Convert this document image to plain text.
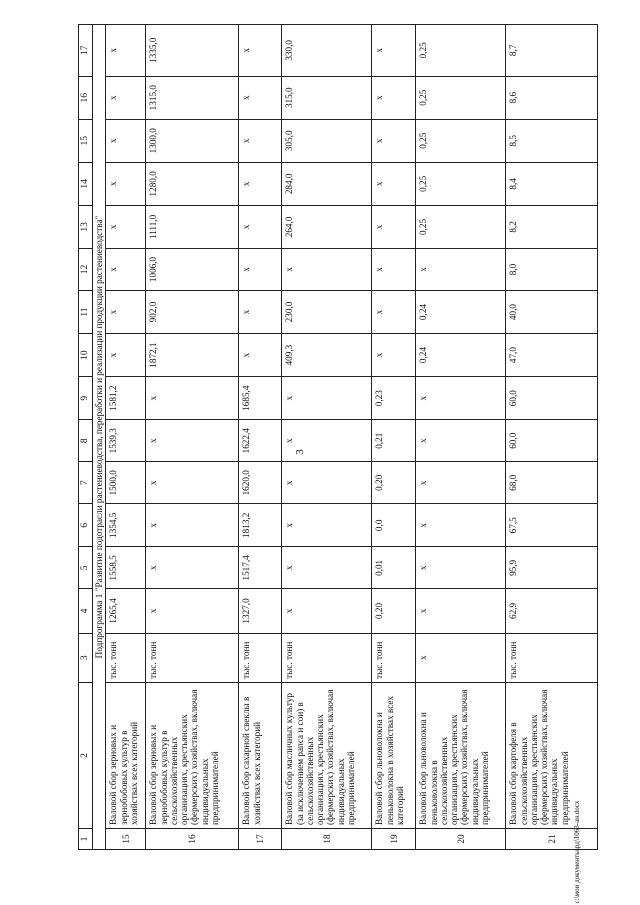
3
1	2	3	4	5	6	7	8	9	10	11	12	13	14	15	16	17
Подпрограмма 1 "Развитие подотрасли растениеводства, переработки и реализации продукции растениеводства"																
15	Валовой сбор зерновых и зернобобовых культур в хозяйствах всех категорий	тыс. тонн	1265,4	1558,5	1354,5	1500,0	1539,3	1581,2	х	х	х	х	х	х	х	х
16	Валовой сбор зерновых и зернобобовых культур в сельскохозяйственных организациях, крестьянских (фермерских) хозяйствах, включая индивидуальных предпринимателей	тыс. тонн	х	х	х	х	х	х	1872,1	902,0	1006,0	1111,0	1280,0	1300,0	1315,0	1335,0
17	Валовой сбор сахарной свеклы в хозяйствах всех категорий	тыс. тонн	1327,0	1517,4	1813,2	1620,0	1622,4	1685,4	х	х	х	х	х	х	х	х
18	Валовой сбор масличных культур (за исключением рапса и сои) в сельскохозяйственных организациях, крестьянских (фермерских) хозяйствах, включая индивидуальных предпринимателей	тыс. тонн	х	х	х	х	х	х	409,3	230,0	х	264,0	284,0	305,0	315,0	330,0
19	Валовой сбор льноволокна и пеньковолокна в хозяйствах всех категорий	тыс. тонн	0,20	0,01	0,0	0,20	0,21	0,23	х	х	х	х	х	х	х	х
20	Валовой сбор льноволокна и пеньковолокна в сельскохозяйственных организациях, крестьянских (фермерских) хозяйствах, включая индивидуальных предпринимателей	х	х	х	х	х	х	х	0,24	0,24	х	0,25	0,25	0,25	0,25	0,25
21	Валовой сбор картофеля в сельскохозяйственных организациях, крестьянских (фермерских) хозяйствах, включая индивидуальных предпринимателей	тыс. тонн	62,9	95,9	67,5	68,0	60,0	60,0	47,0	40,0	8,0	8,2	8,4	8,5	8,6	8,7
c:\мои документы\рд\1063-ан.docx
